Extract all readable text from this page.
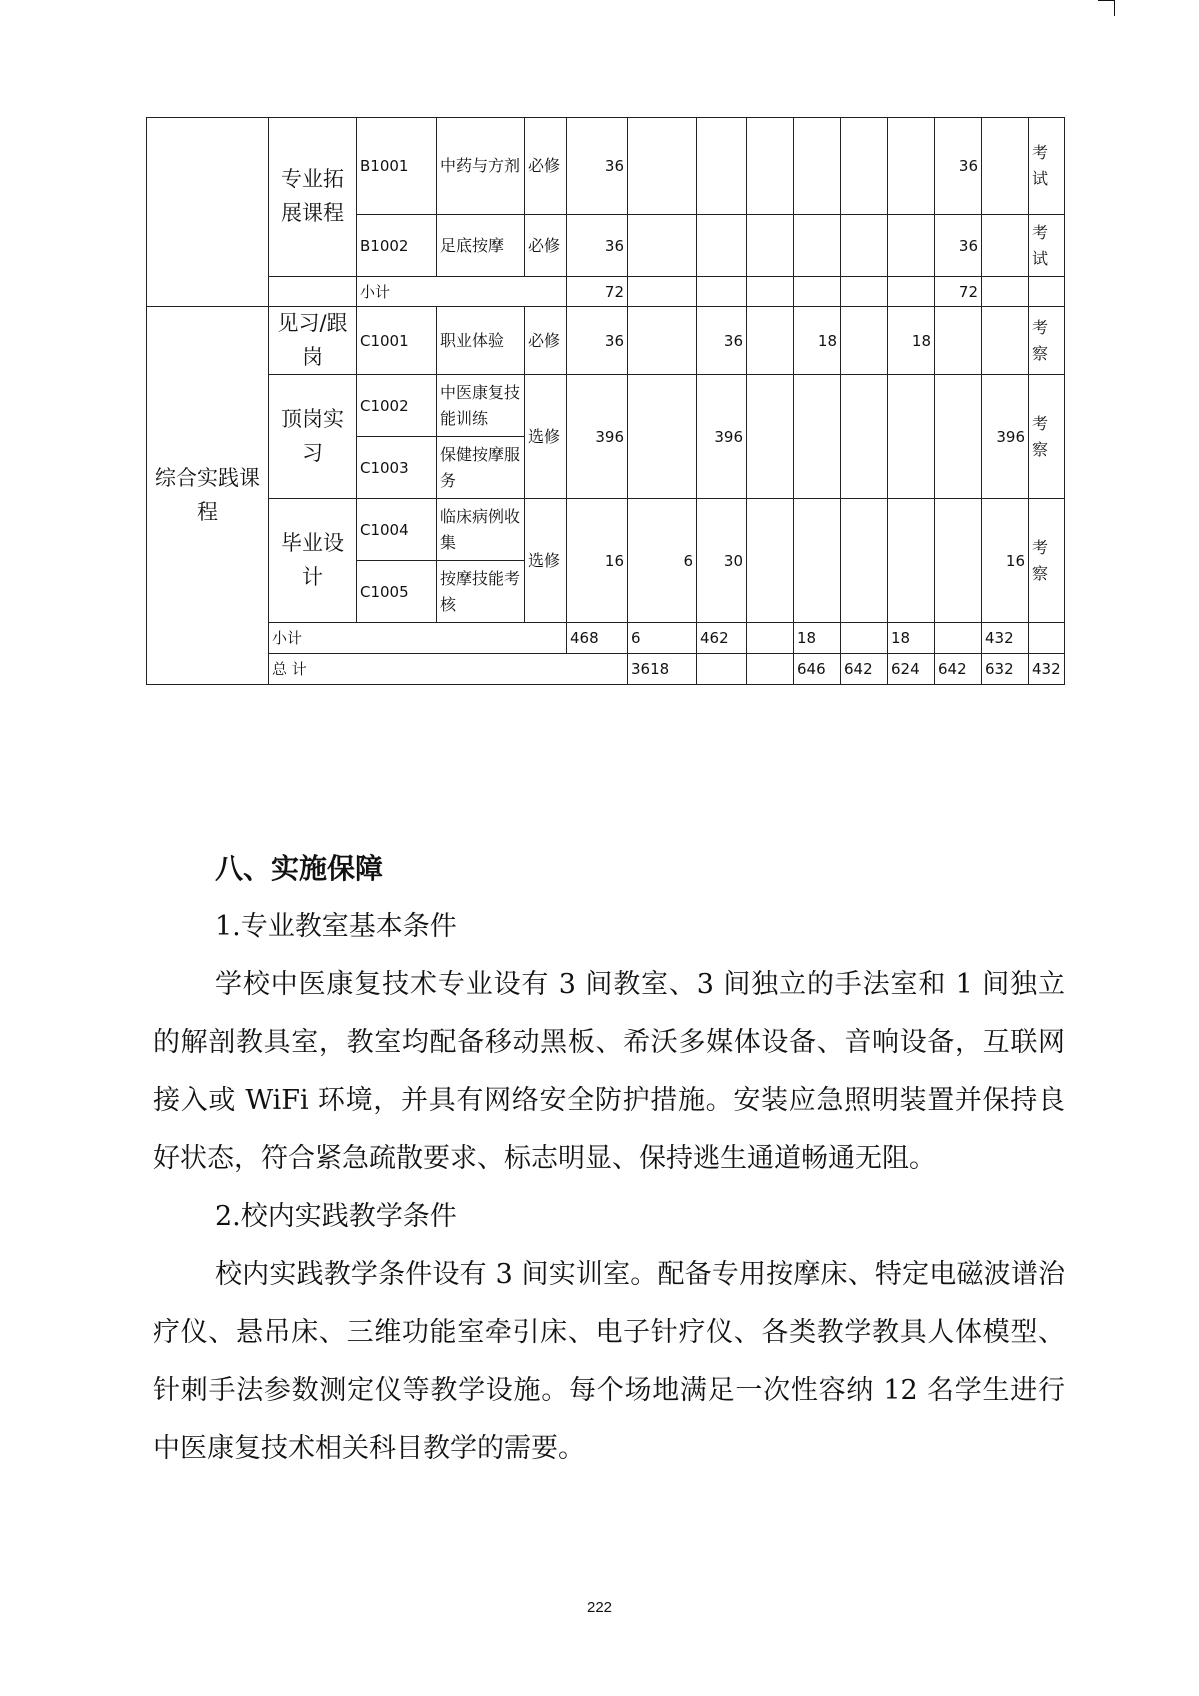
	专业拓展课程	B1001	中药与方剂	必修	36							36		考试	
		B1002	足底按摩	必修	36							36		考试	
		小计			72							72			
综合实践课程	见习/跟岗	C1001	职业体验	必修	36		36		18		18			考察	
	顶岗实习	C1002	中医康复技能训练	选修	396		396						396	考察	
		C1003	保健按摩服务												
	毕业设计	C1004	临床病例收集	选修	16	6	30						16	考察	
		C1005	按摩技能考核												
	小计				468	6	462		18		18		432		
	总 计					3618			646	642	624	642	632	432	
八、实施保障
1.专业教室基本条件
学校中医康复技术专业设有 3 间教室、3 间独立的手法室和 1 间独立的解剖教具室，教室均配备移动黑板、希沃多媒体设备、音响设备，互联网接入或 WiFi 环境，并具有网络安全防护措施。安装应急照明装置并保持良好状态，符合紧急疏散要求、标志明显、保持逃生通道畅通无阻。
2.校内实践教学条件
校内实践教学条件设有 3 间实训室。配备专用按摩床、特定电磁波谱治疗仪、悬吊床、三维功能室牵引床、电子针疗仪、各类教学教具人体模型、针刺手法参数测定仪等教学设施。每个场地满足一次性容纳 12 名学生进行中医康复技术相关科目教学的需要。
222
